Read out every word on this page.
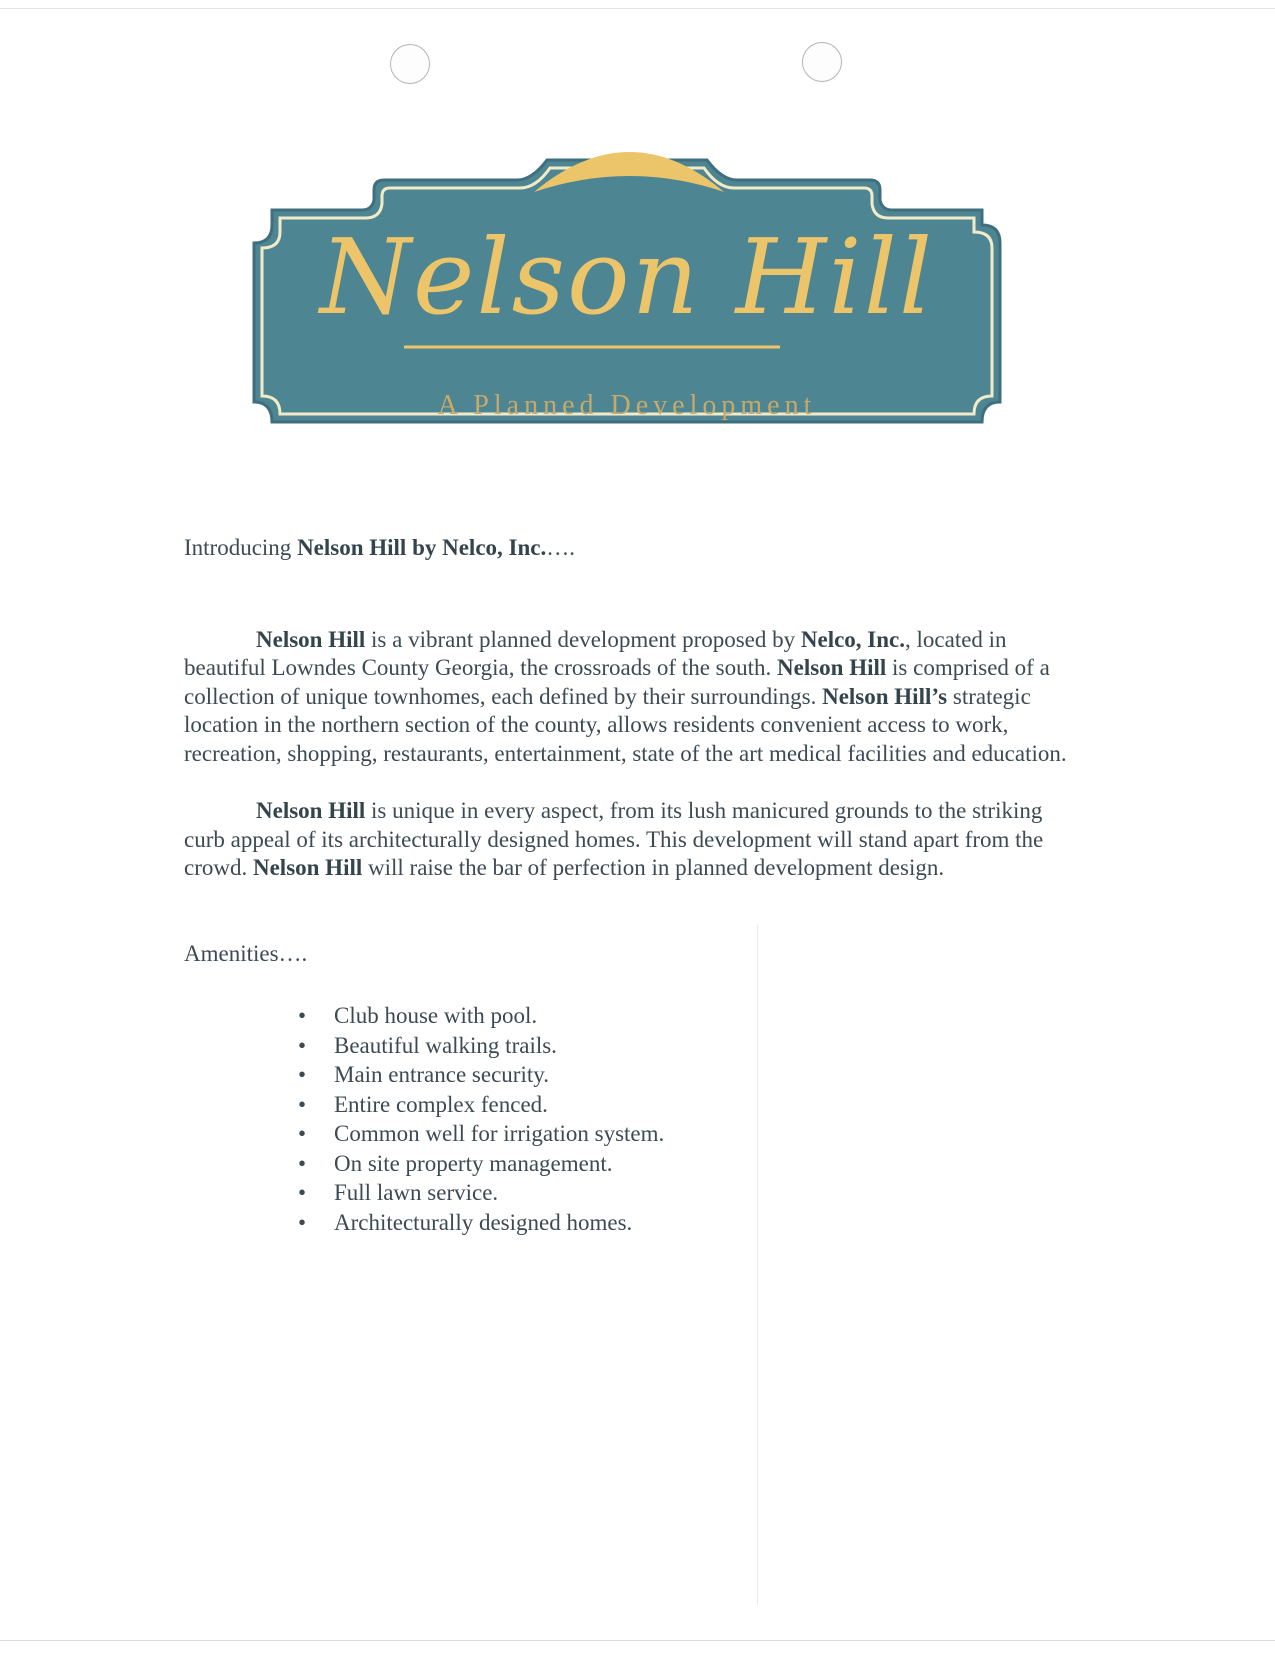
Nelson Hill
A Planned Development

Introducing Nelson Hill by Nelco, Inc.….

Nelson Hill is a vibrant planned development proposed by Nelco, Inc., located in beautiful Lowndes County Georgia, the crossroads of the south. Nelson Hill is comprised of a collection of unique townhomes, each defined by their surroundings. Nelson Hill’s strategic location in the northern section of the county, allows residents convenient access to work, recreation, shopping, restaurants, entertainment, state of the art medical facilities and education.

Nelson Hill is unique in every aspect, from its lush manicured grounds to the striking curb appeal of its architecturally designed homes. This development will stand apart from the crowd. Nelson Hill will raise the bar of perfection in planned development design.

Amenities….

• Club house with pool.
• Beautiful walking trails.
• Main entrance security.
• Entire complex fenced.
• Common well for irrigation system.
• On site property management.
• Full lawn service.
• Architecturally designed homes.
